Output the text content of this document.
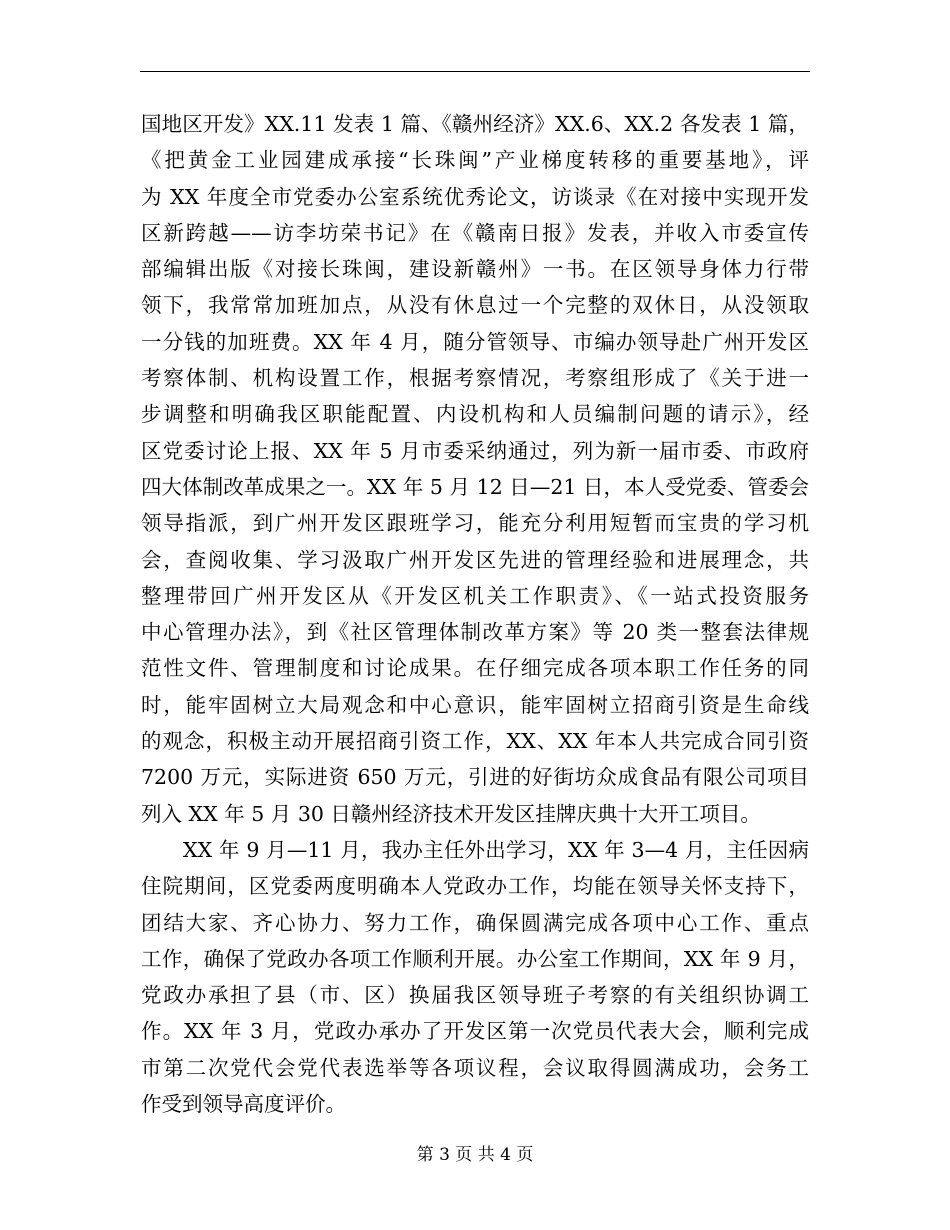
国地区开发》XX.11 发表 1 篇、《赣州经济》XX.6、XX.2 各发表 1 篇，
《把黄金工业园建成承接“长珠闽”产业梯度转移的重要基地》，评
为 XX 年度全市党委办公室系统优秀论文，访谈录《在对接中实现开发
区新跨越——访李坊荣书记》在《赣南日报》发表，并收入市委宣传
部编辑出版《对接长珠闽，建设新赣州》一书。在区领导身体力行带
领下，我常常加班加点，从没有休息过一个完整的双休日，从没领取
一分钱的加班费。XX 年 4 月，随分管领导、市编办领导赴广州开发区
考察体制、机构设置工作，根据考察情况，考察组形成了《关于进一
步调整和明确我区职能配置、内设机构和人员编制问题的请示》，经
区党委讨论上报、XX 年 5 月市委采纳通过，列为新一届市委、市政府
四大体制改革成果之一。XX 年 5 月 12 日—21 日，本人受党委、管委会
领导指派，到广州开发区跟班学习，能充分利用短暂而宝贵的学习机
会，查阅收集、学习汲取广州开发区先进的管理经验和进展理念，共
整理带回广州开发区从《开发区机关工作职责》、《一站式投资服务
中心管理办法》，到《社区管理体制改革方案》等 20 类一整套法律规
范性文件、管理制度和讨论成果。在仔细完成各项本职工作任务的同
时，能牢固树立大局观念和中心意识，能牢固树立招商引资是生命线
的观念，积极主动开展招商引资工作，XX、XX 年本人共完成合同引资
7200 万元，实际进资 650 万元，引进的好街坊众成食品有限公司项目
列入 XX 年 5 月 30 日赣州经济技术开发区挂牌庆典十大开工项目。
XX 年 9 月—11 月，我办主任外出学习，XX 年 3—4 月，主任因病
住院期间，区党委两度明确本人党政办工作，均能在领导关怀支持下，
团结大家、齐心协力、努力工作，确保圆满完成各项中心工作、重点
工作，确保了党政办各项工作顺利开展。办公室工作期间，XX 年 9 月，
党政办承担了县（市、区）换届我区领导班子考察的有关组织协调工
作。XX 年 3 月，党政办承办了开发区第一次党员代表大会，顺利完成
市第二次党代会党代表选举等各项议程，会议取得圆满成功，会务工
作受到领导高度评价。
第 3 页 共 4 页
